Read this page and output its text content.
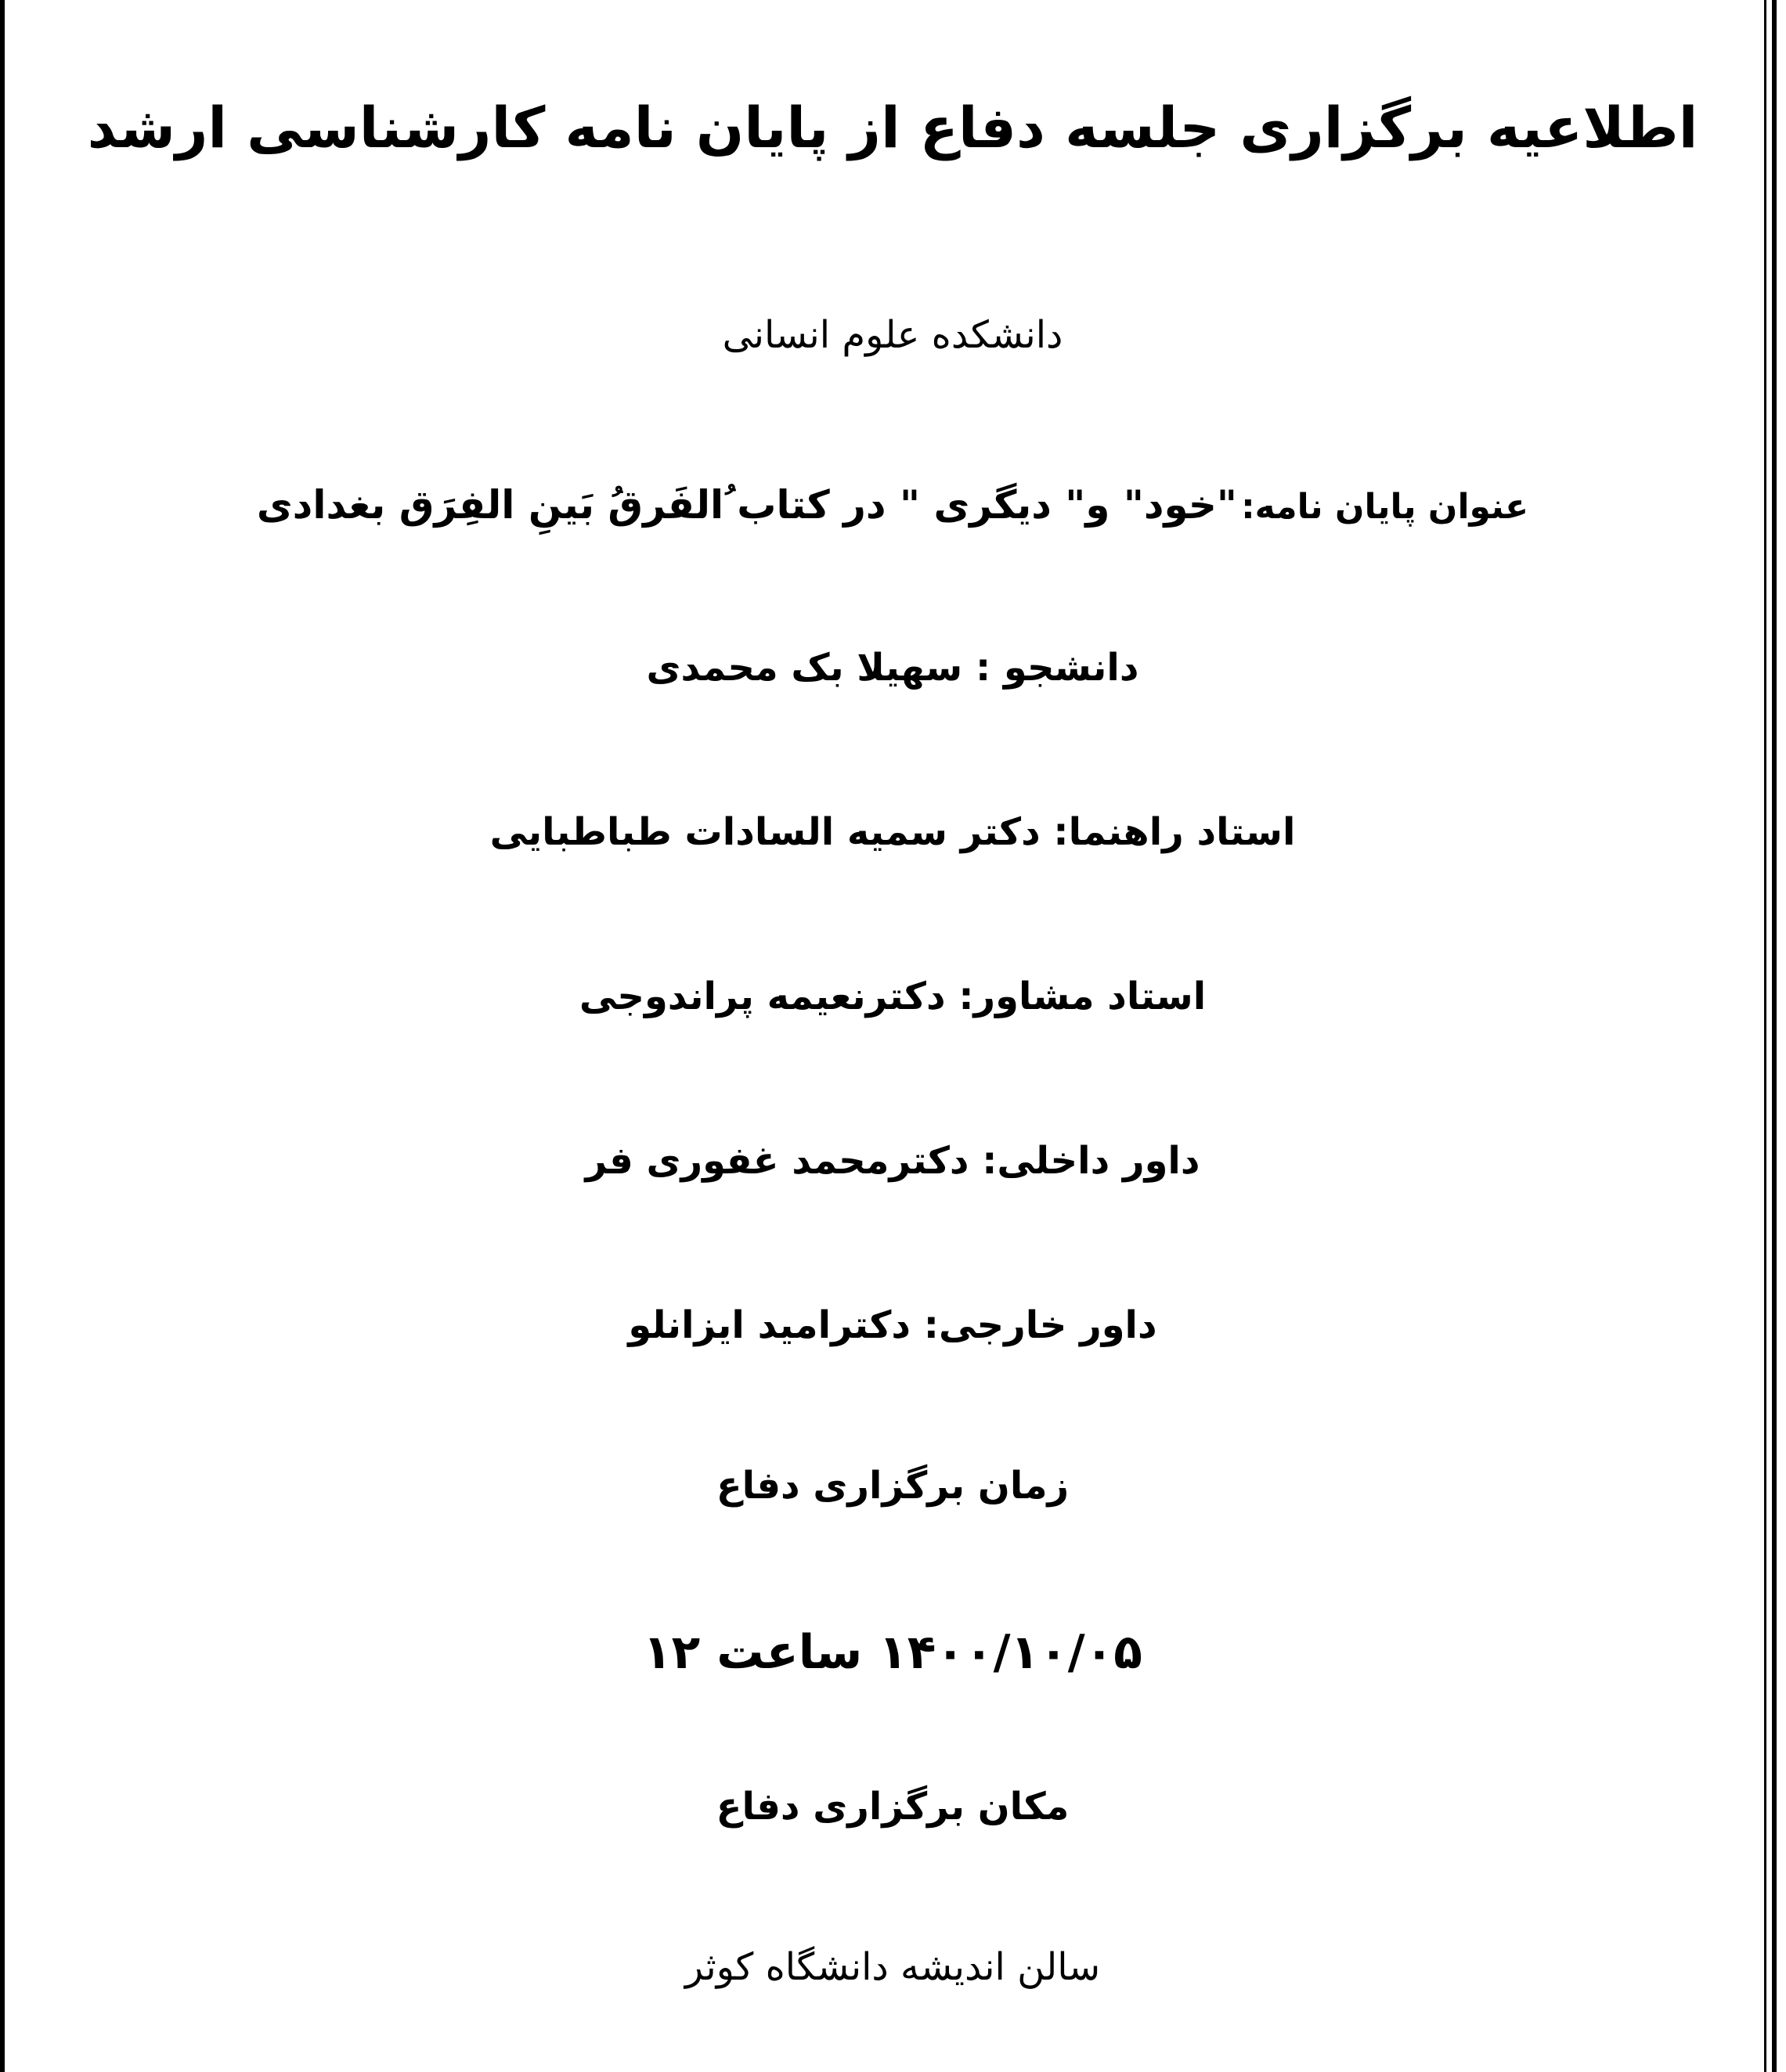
اطلاعیه برگزاری جلسه دفاع از پایان نامه کارشناسی ارشد
دانشکده علوم انسانی
عنوان پایان نامه: "خود" و" دیگری " در کتاب ُالفَرقُ بَینِ الفِرَق بغدادی
دانشجو : سهیلا بک محمدی
استاد راهنما: دکتر سمیه السادات طباطبایی
استاد مشاور: دکترنعیمه پراندوجی
داور داخلی: دکترمحمد غفوری فر
داور خارجی: دکترامید ایزانلو
زمان برگزاری دفاع
۱۴۰۰/۱۰/۰۵ ساعت ۱۲
مکان برگزاری دفاع
سالن اندیشه دانشگاه کوثر
